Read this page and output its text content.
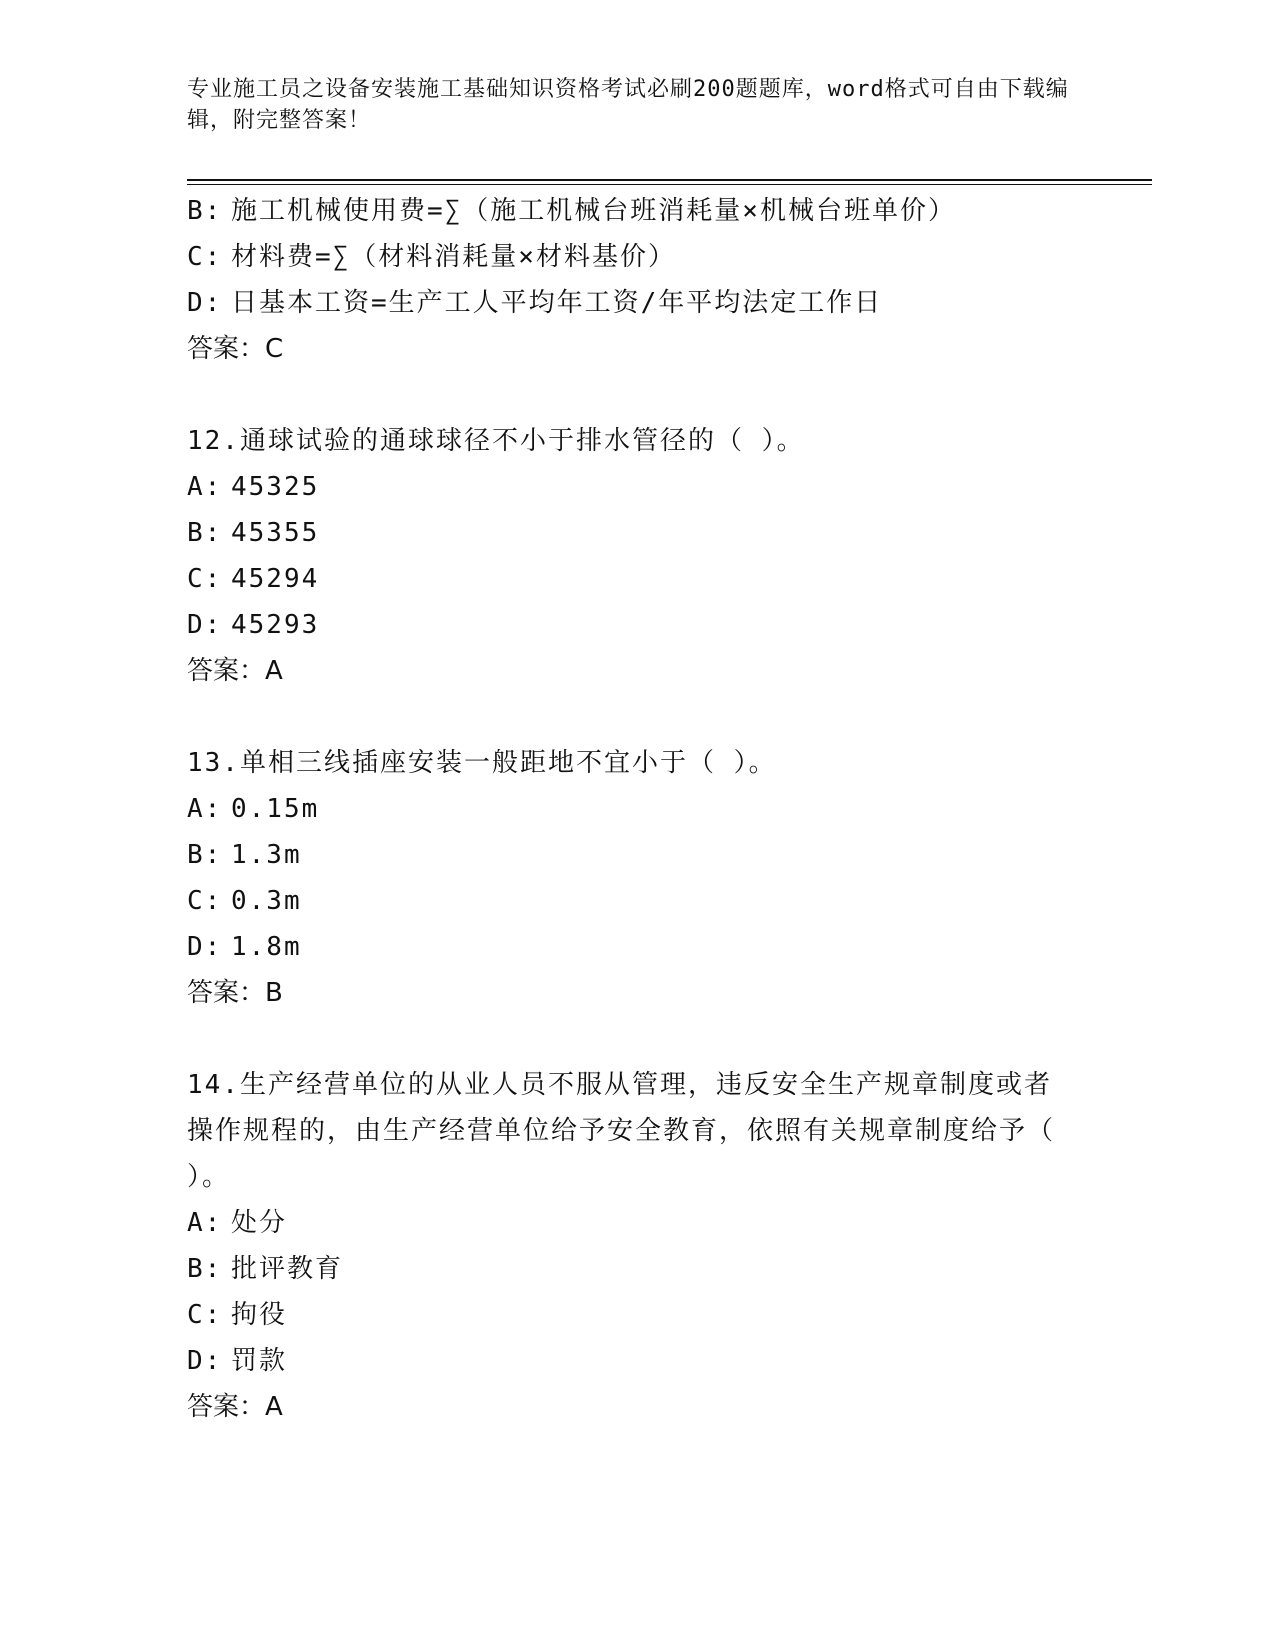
专业施工员之设备安装施工基础知识资格考试必刷200题题库，word格式可自由下载编辑，附完整答案！
B: 施工机械使用费=∑（施工机械台班消耗量×机械台班单价）
C: 材料费=∑（材料消耗量×材料基价）
D: 日基本工资=生产工人平均年工资/年平均法定工作日
答案：C
12.通球试验的通球球径不小于排水管径的（ ）。
A: 45325
B: 45355
C: 45294
D: 45293
答案：A
13.单相三线插座安装一般距地不宜小于（ ）。
A: 0.15m
B: 1.3m
C: 0.3m
D: 1.8m
答案：B
14.生产经营单位的从业人员不服从管理，违反安全生产规章制度或者操作规程的，由生产经营单位给予安全教育，依照有关规章制度给予（ ）。
A: 处分
B: 批评教育
C: 拘役
D: 罚款
答案：A
